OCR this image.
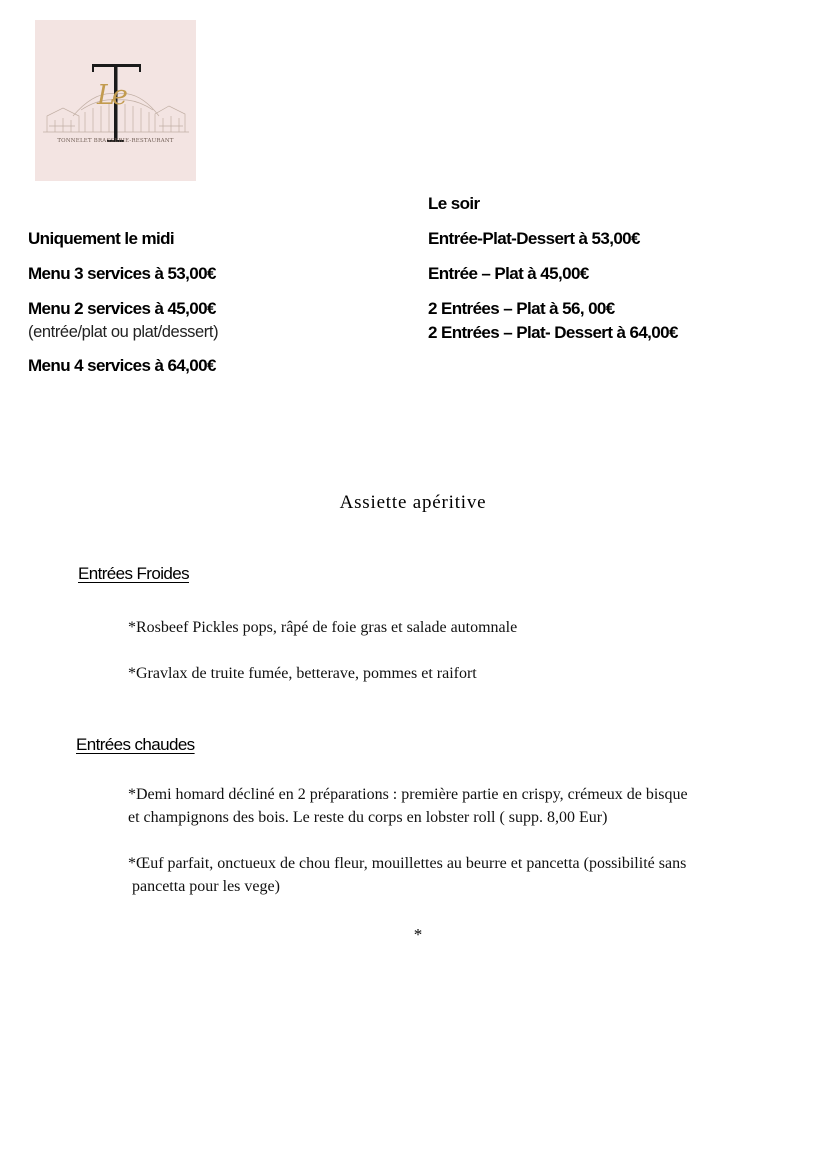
Le
TONNELET BRASSERIE-RESTAURANT
Uniquement le midi
Menu 3 services à 53,00€
Menu 2 services à 45,00€
(entrée/plat ou plat/dessert)
Menu 4 services à 64,00€
Le soir
Entrée-Plat-Dessert à 53,00€
Entrée – Plat à 45,00€
2 Entrées – Plat à 56, 00€
2 Entrées – Plat- Dessert à 64,00€
Assiette apéritive
Entrées Froides
*Rosbeef Pickles pops, râpé de foie gras et salade automnale
*Gravlax de truite fumée, betterave, pommes et raifort
Entrées chaudes
*Demi homard décliné en 2 préparations : première partie en crispy, crémeux de bisque
et champignons des bois. Le reste du corps en lobster roll ( supp. 8,00 Eur)
*Œuf parfait, onctueux de chou fleur, mouillettes au beurre et pancetta (possibilité sans
pancetta pour les vege)
*
